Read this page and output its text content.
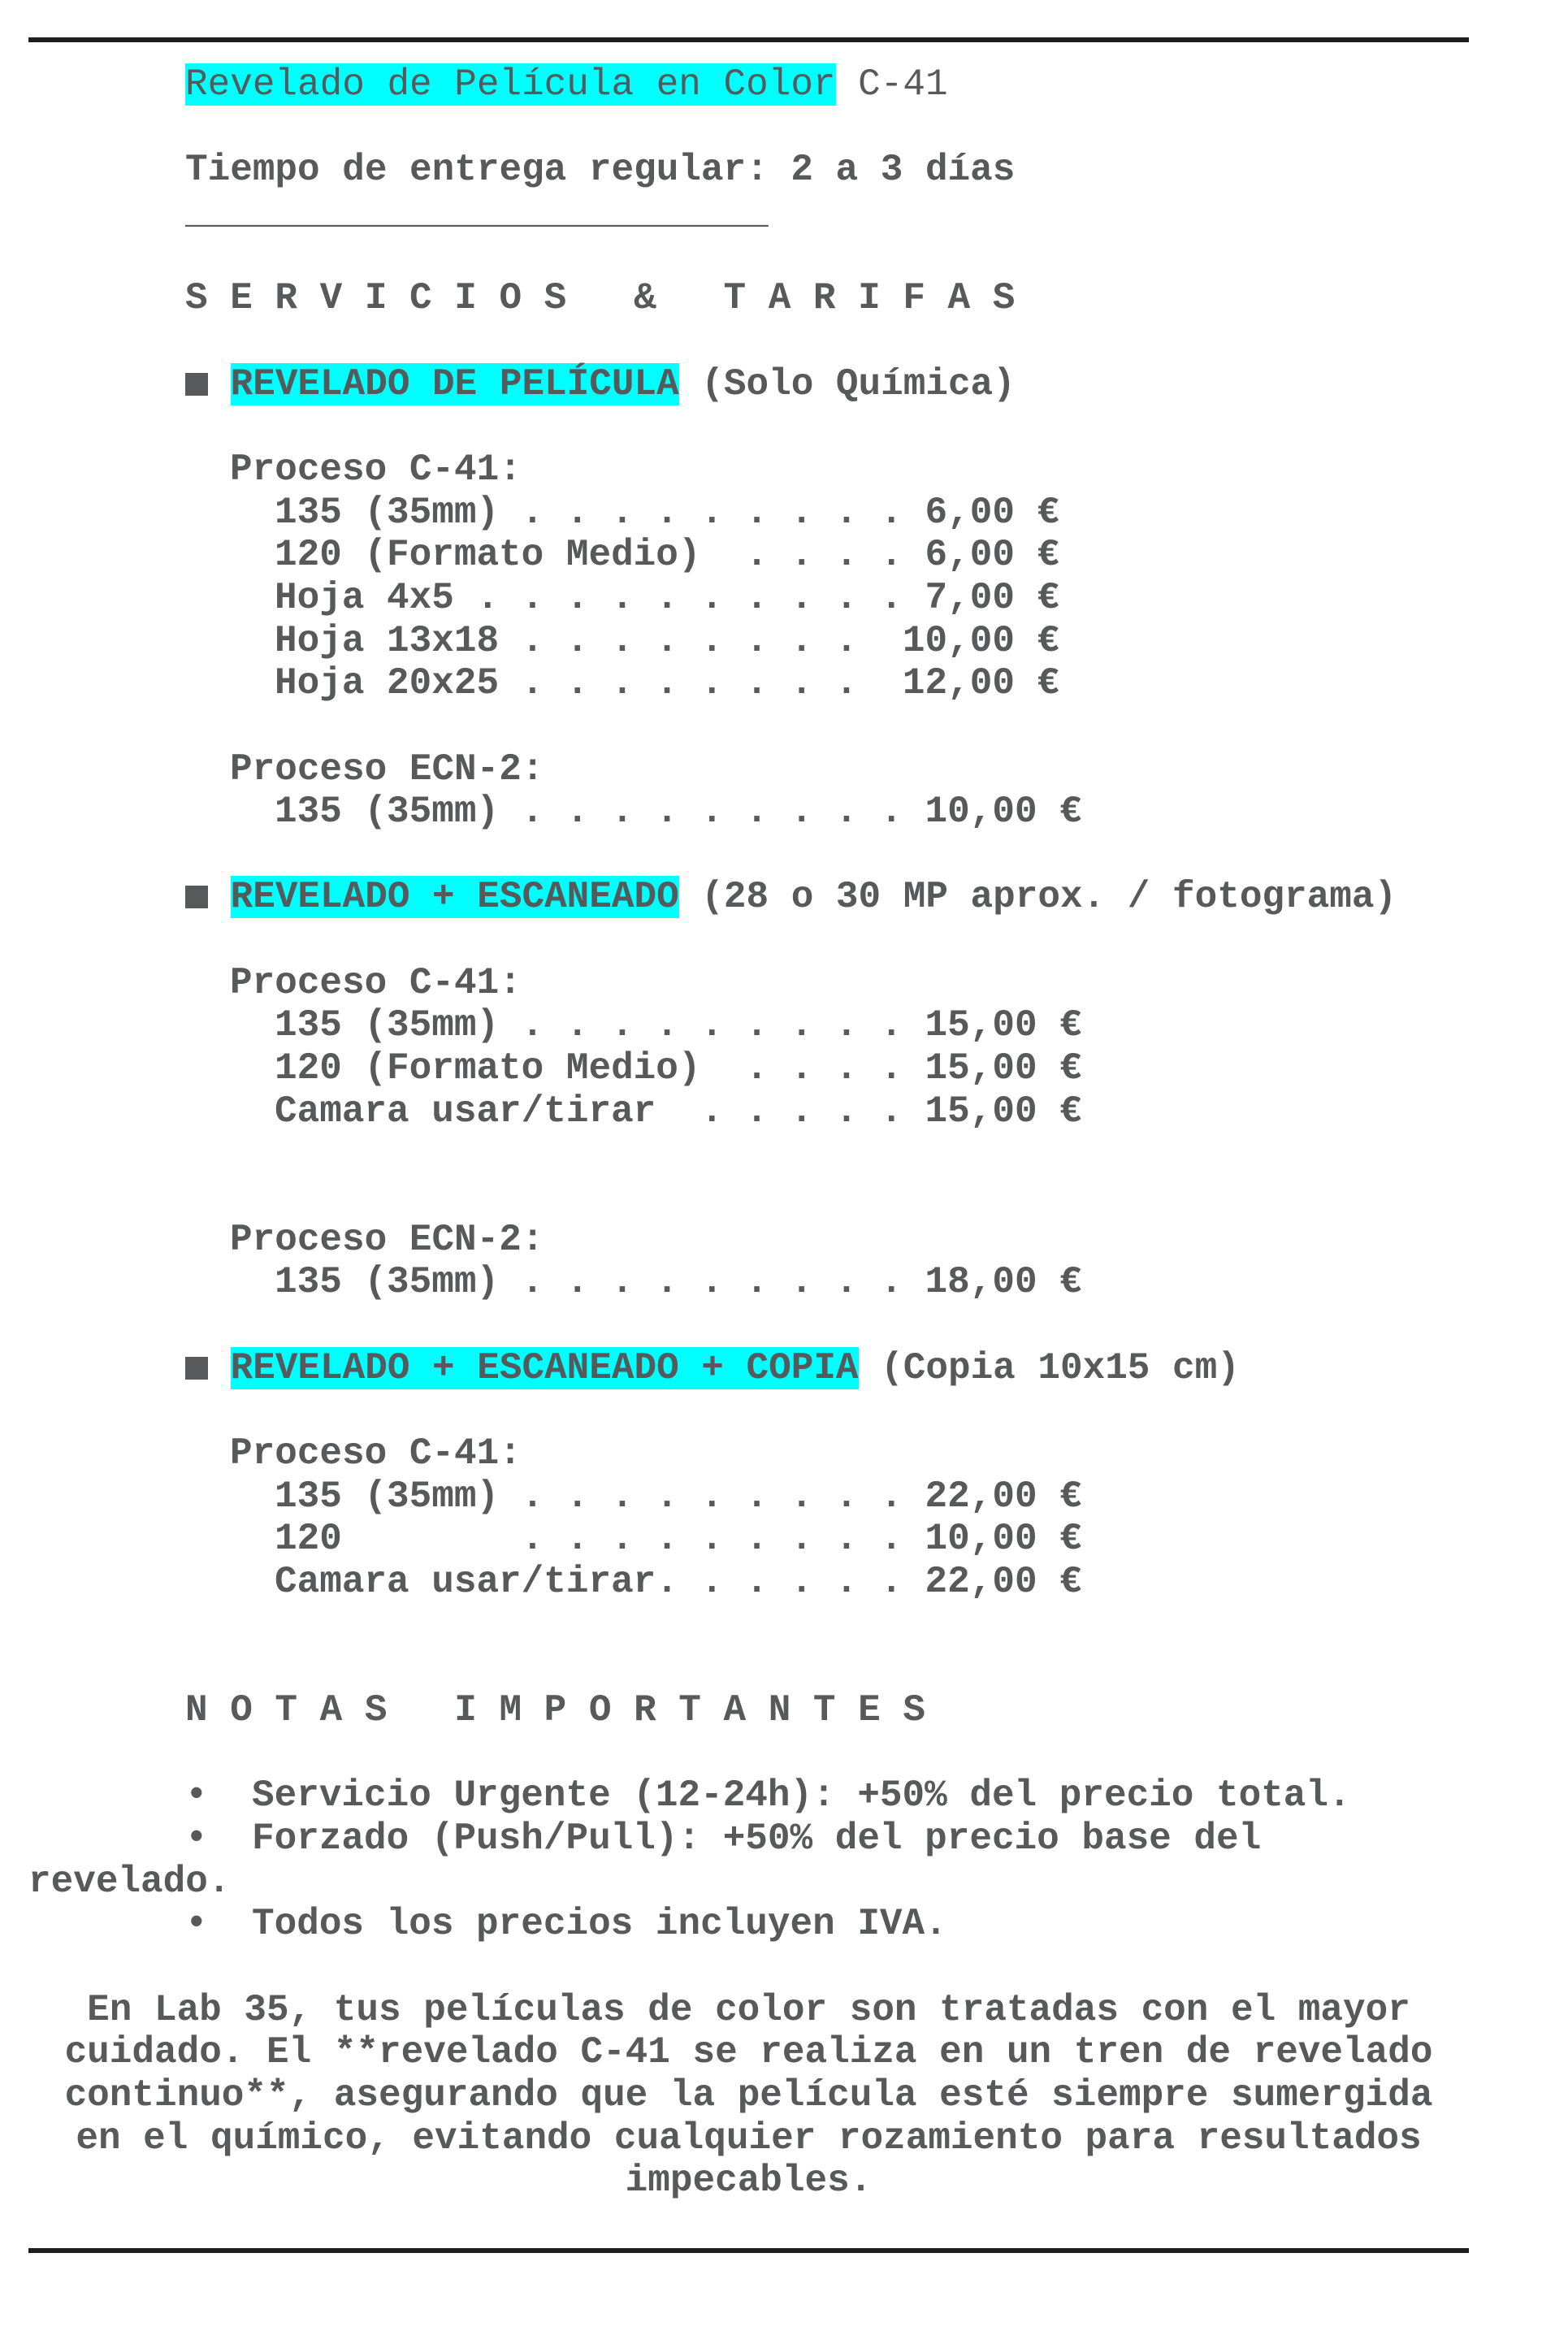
Revelado de Película en Color C-41
Tiempo de entrega regular: 2 a 3 días
__________________________
S E R V I C I O S   &   T A R I F A S
REVELADO DE PELÍCULA (Solo Química)
Proceso C-41:
135 (35mm) . . . . . . . . . 6,00 €
120 (Formato Medio)  . . . . 6,00 €
Hoja 4x5 . . . . . . . . . . 7,00 €
Hoja 13x18 . . . . . . . .  10,00 €
Hoja 20x25 . . . . . . . .  12,00 €
Proceso ECN-2:
135 (35mm) . . . . . . . . . 10,00 €
REVELADO + ESCANEADO (28 o 30 MP aprox. / fotograma)
Proceso C-41:
135 (35mm) . . . . . . . . . 15,00 €
120 (Formato Medio)  . . . . 15,00 €
Camara usar/tirar  . . . . . 15,00 €
Proceso ECN-2:
135 (35mm) . . . . . . . . . 18,00 €
REVELADO + ESCANEADO + COPIA (Copia 10x15 cm)
Proceso C-41:
135 (35mm) . . . . . . . . . 22,00 €
120        . . . . . . . . . 10,00 €
Camara usar/tirar. . . . . . 22,00 €
N O T A S   I M P O R T A N T E S
• Servicio Urgente (12-24h): +50% del precio total.
• Forzado (Push/Pull): +50% del precio base del
revelado.
• Todos los precios incluyen IVA.
En Lab 35, tus películas de color son tratadas con el mayor
cuidado. El **revelado C-41 se realiza en un tren de revelado
continuo**, asegurando que la película esté siempre sumergida
en el químico, evitando cualquier rozamiento para resultados
impecables.
